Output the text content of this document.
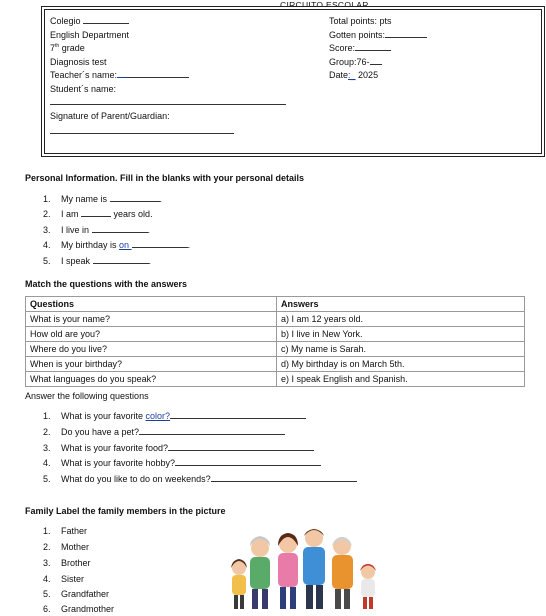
CIRCUITO ESCOLAR
Colegio
English Department
7th grade
Diagnosis test
Teacher´s name:
Student´s name:
Signature of Parent/Guardian:
Total points: pts
Gotten points:
Score:
Group:76-
Date:_ 2025
Personal Information. Fill in the blanks with your personal details
1. My name is	.
2. I am	years old.
3. I live in	.
4. My birthday is on	.
5. I speak	.
Match the questions with the answers
Questions	Answers
What is your name?	a) I am 12 years old.
How old are you?	b) I live in New York.
Where do you live?	c) My name is Sarah.
When is your birthday?	d) My birthday is on March 5th.
What languages do you speak?	e) I speak English and Spanish.
Answer the following questions
1. What is your favorite color?
2. Do you have a pet?
3. What is your favorite food?
4. What is your favorite hobby?
5. What do you like to do on weekends?
Family Label the family members in the picture
1. Father
2. Mother
3. Brother
4. Sister
5. Grandfather
6. Grandmother
